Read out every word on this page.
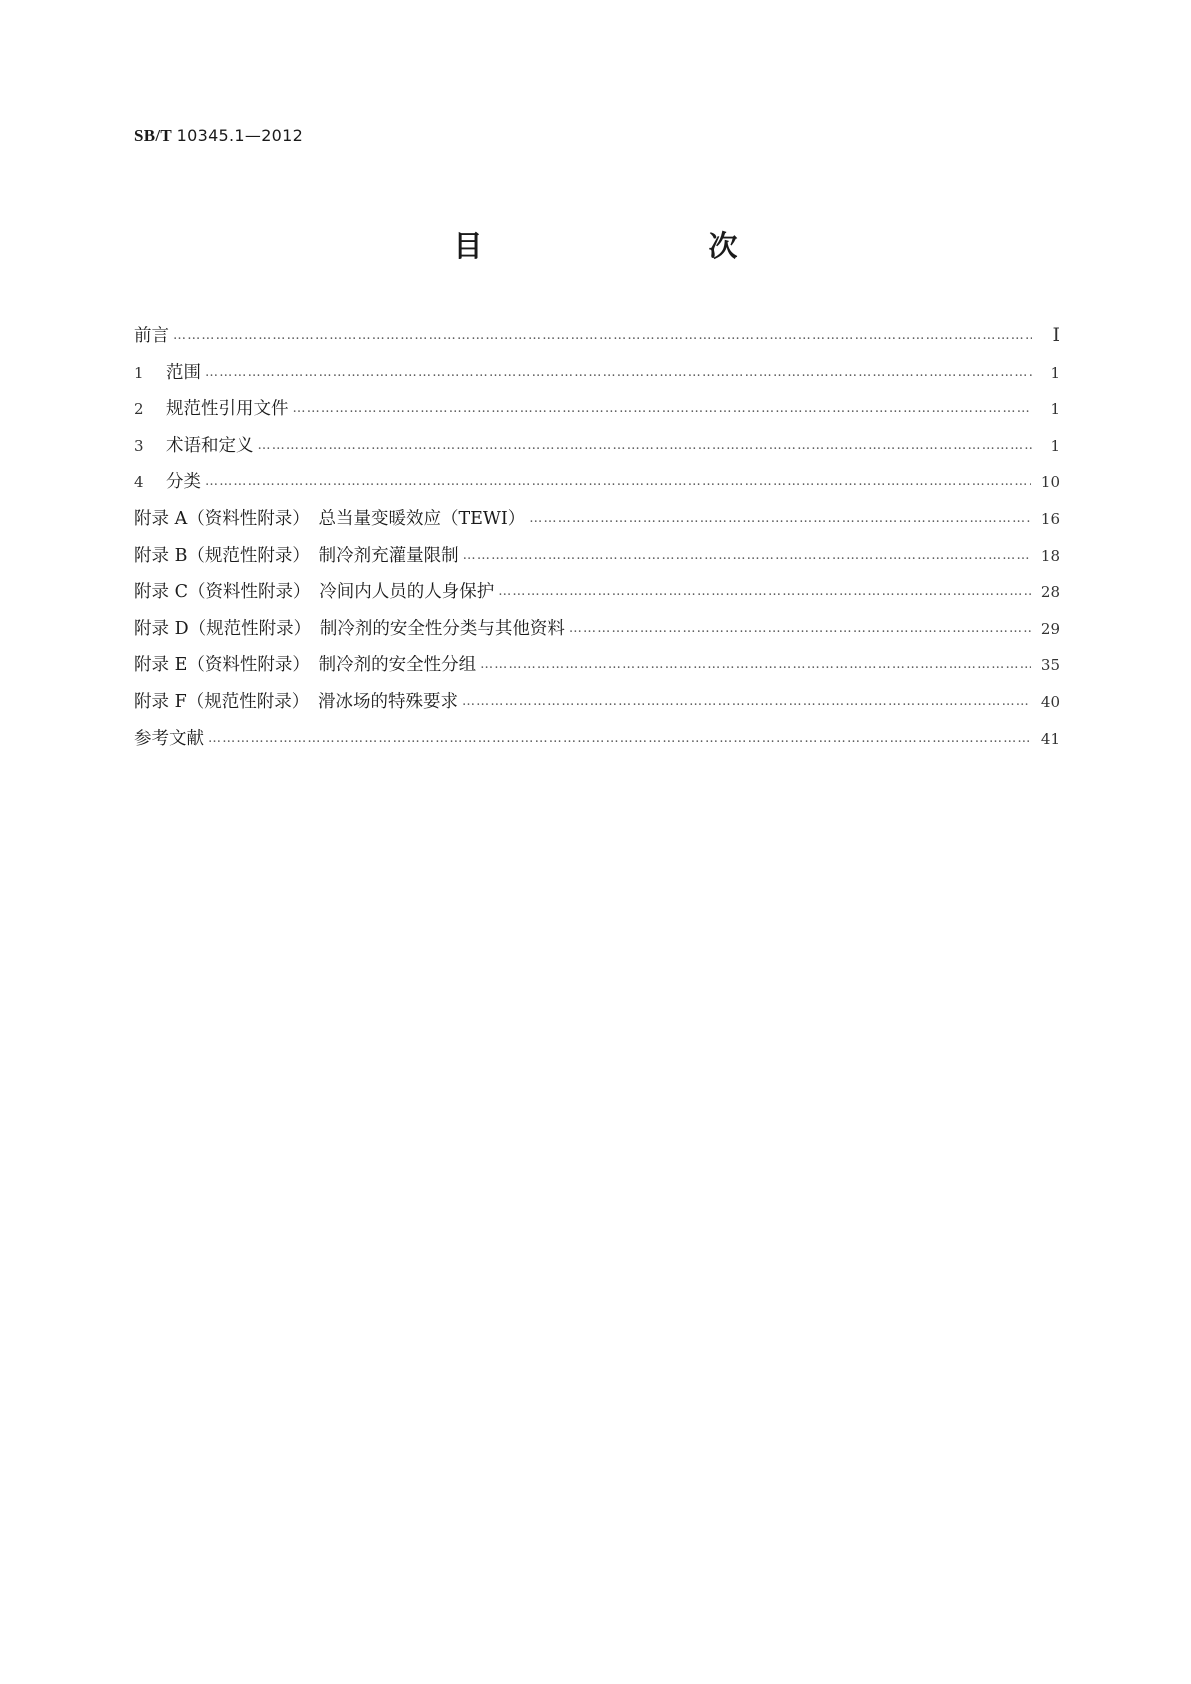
SB/T 10345.1—2012
目　　次
前言 …………………………………………………………………………………………………………………………………………………………………………………………………………………………………………	Ⅰ
1 范围 …………………………………………………………………………………………………………………………………………………………………………………………………………………………………………	1
2 规范性引用文件 …………………………………………………………………………………………………………………………………………………………………………………………………………………………………………	1
3 术语和定义 …………………………………………………………………………………………………………………………………………………………………………………………………………………………………………	1
4 分类 …………………………………………………………………………………………………………………………………………………………………………………………………………………………………………	10
附录 A（资料性附录）　总当量变暖效应（TEWI） …………………………………………………………………………………………………………………………………………………………………………………………………………………………………………	16
附录 B（规范性附录）　制冷剂充灌量限制 …………………………………………………………………………………………………………………………………………………………………………………………………………………………………………	18
附录 C（资料性附录）　冷间内人员的人身保护 …………………………………………………………………………………………………………………………………………………………………………………………………………………………………………	28
附录 D（规范性附录）　制冷剂的安全性分类与其他资料 …………………………………………………………………………………………………………………………………………………………………………………………………………………………………………	29
附录 E（资料性附录）　制冷剂的安全性分组 …………………………………………………………………………………………………………………………………………………………………………………………………………………………………………	35
附录 F（规范性附录）　滑冰场的特殊要求 …………………………………………………………………………………………………………………………………………………………………………………………………………………………………………	40
参考文献 …………………………………………………………………………………………………………………………………………………………………………………………………………………………………………	41
